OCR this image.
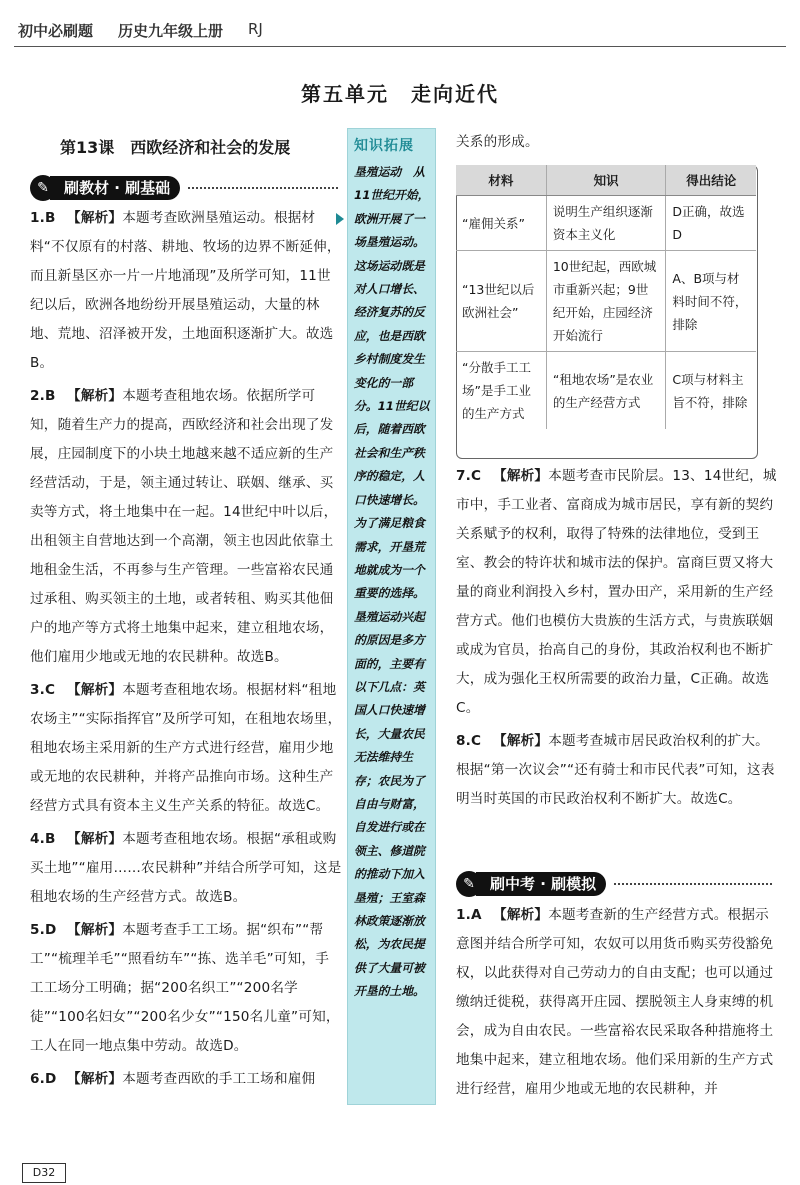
初中必刷题 历史九年级上册 RJ
第五单元　走向近代
第13课　西欧经济和社会的发展
✎	刷教材 · 刷基础

1.B 【解析】本题考查欧洲垦殖运动。根据材料“不仅原有的村落、耕地、牧场的边界不断延伸，而且新垦区亦一片一片地涌现”及所学可知，11世纪以后，欧洲各地纷纷开展垦殖运动，大量的林地、荒地、沼泽被开发，土地面积逐渐扩大。故选B。

2.B 【解析】本题考查租地农场。依据所学可知，随着生产力的提高，西欧经济和社会出现了发展，庄园制度下的小块土地越来越不适应新的生产经营活动，于是，领主通过转让、联姻、继承、买卖等方式，将土地集中在一起。14世纪中叶以后，出租领主自营地达到一个高潮，领主也因此依靠土地租金生活，不再参与生产管理。一些富裕农民通过承租、购买领主的土地，或者转租、购买其他佃户的地产等方式将土地集中起来，建立租地农场，他们雇用少地或无地的农民耕种。故选B。

3.C 【解析】本题考查租地农场。根据材料“租地农场主”“实际指挥官”及所学可知，在租地农场里，租地农场主采用新的生产方式进行经营，雇用少地或无地的农民耕种，并将产品推向市场。这种生产经营方式具有资本主义生产关系的特征。故选C。

4.B 【解析】本题考查租地农场。根据“承租或购买土地”“雇用……农民耕种”并结合所学可知，这是租地农场的生产经营方式。故选B。

5.D 【解析】本题考查手工工场。据“织布”“帮工”“梳理羊毛”“照看纺车”“拣、选羊毛”可知，手工工场分工明确；据“200名织工”“200名学徒”“100名妇女”“200名少女”“150名儿童”可知，工人在同一地点集中劳动。故选D。

6.D 【解析】本题考查西欧的手工工场和雇佣

知识拓展
垦殖运动　从11世纪开始，欧洲开展了一场垦殖运动。这场运动既是对人口增长、经济复苏的反应，也是西欧乡村制度发生变化的一部分。11世纪以后，随着西欧社会和生产秩序的稳定，人口快速增长。为了满足粮食需求，开垦荒地就成为一个重要的选择。垦殖运动兴起的原因是多方面的，主要有以下几点：英国人口快速增长，大量农民无法维持生存；农民为了自由与财富，自发进行或在领主、修道院的推动下加入垦殖；王室森林政策逐渐放松，为农民提供了大量可被开垦的土地。
关系的形成。
材料	知识	得出结论
“雇佣关系”	说明生产组织逐渐资本主义化	D正确，故选D
“13世纪以后欧洲社会”	10世纪起，西欧城市重新兴起；9世纪开始，庄园经济开始流行	A、B项与材料时间不符，排除
“分散手工工场”是手工业的生产方式	“租地农场”是农业的生产经营方式	C项与材料主旨不符，排除

7.C 【解析】本题考查市民阶层。13、14世纪，城市中，手工业者、富商成为城市居民，享有新的契约关系赋予的权利，取得了特殊的法律地位，受到王室、教会的特许状和城市法的保护。富商巨贾又将大量的商业利润投入乡村，置办田产，采用新的生产经营方式。他们也模仿大贵族的生活方式，与贵族联姻或成为官员，抬高自己的身份，其政治权利也不断扩大，成为强化王权所需要的政治力量，C正确。故选C。

8.C 【解析】本题考查城市居民政治权利的扩大。根据“第一次议会”“还有骑士和市民代表”可知，这表明当时英国的市民政治权利不断扩大。故选C。

✎	刷中考 · 刷模拟

1.A 【解析】本题考查新的生产经营方式。根据示意图并结合所学可知，农奴可以用货币购买劳役豁免权，以此获得对自己劳动力的自由支配；也可以通过缴纳迁徙税，获得离开庄园、摆脱领主人身束缚的机会，成为自由农民。一些富裕农民采取各种措施将土地集中起来，建立租地农场。他们采用新的生产方式进行经营，雇用少地或无地的农民耕种，并

D32
